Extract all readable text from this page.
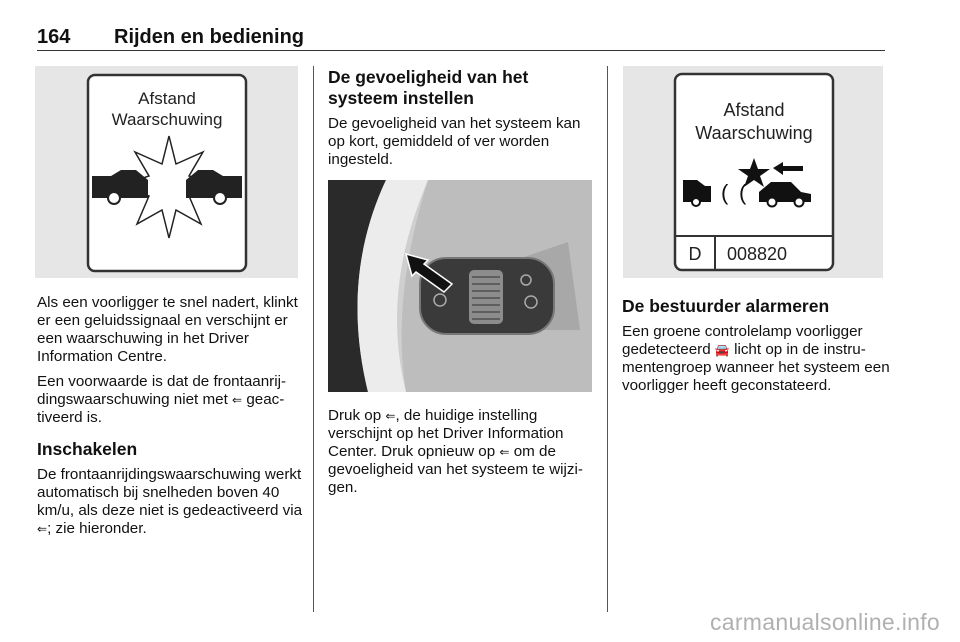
164 Rijden en bediening
Afstand
Waarschuwing

Als een voorligger te snel nadert, klinkt er een geluidssignaal en verschijnt er een waarschuwing in het Driver Information Centre.

Een voorwaarde is dat de frontaanrij-dingswaarschuwing niet met ⇐ geac-tiveerd is.

Inschakelen

De frontaanrijdingswaarschuwing werkt automatisch bij snelheden boven 40 km/u, als deze niet is gedeactiveerd via ⇐; zie hieronder.

De gevoeligheid van het systeem instellen

De gevoeligheid van het systeem kan op kort, gemiddeld of ver worden ingesteld.

Druk op ⇐, de huidige instelling verschijnt op het Driver Information Center. Druk opnieuw op ⇐ om de gevoeligheid van het systeem te wijzi-gen.

Afstand
Waarschuwing
( (
D 008820
De bestuurder alarmeren

Een groene controlelamp voorligger gedetecteerd 🚘 licht op in de instru-mentengroep wanneer het systeem een voorligger heeft geconstateerd.

carmanualsonline.info
